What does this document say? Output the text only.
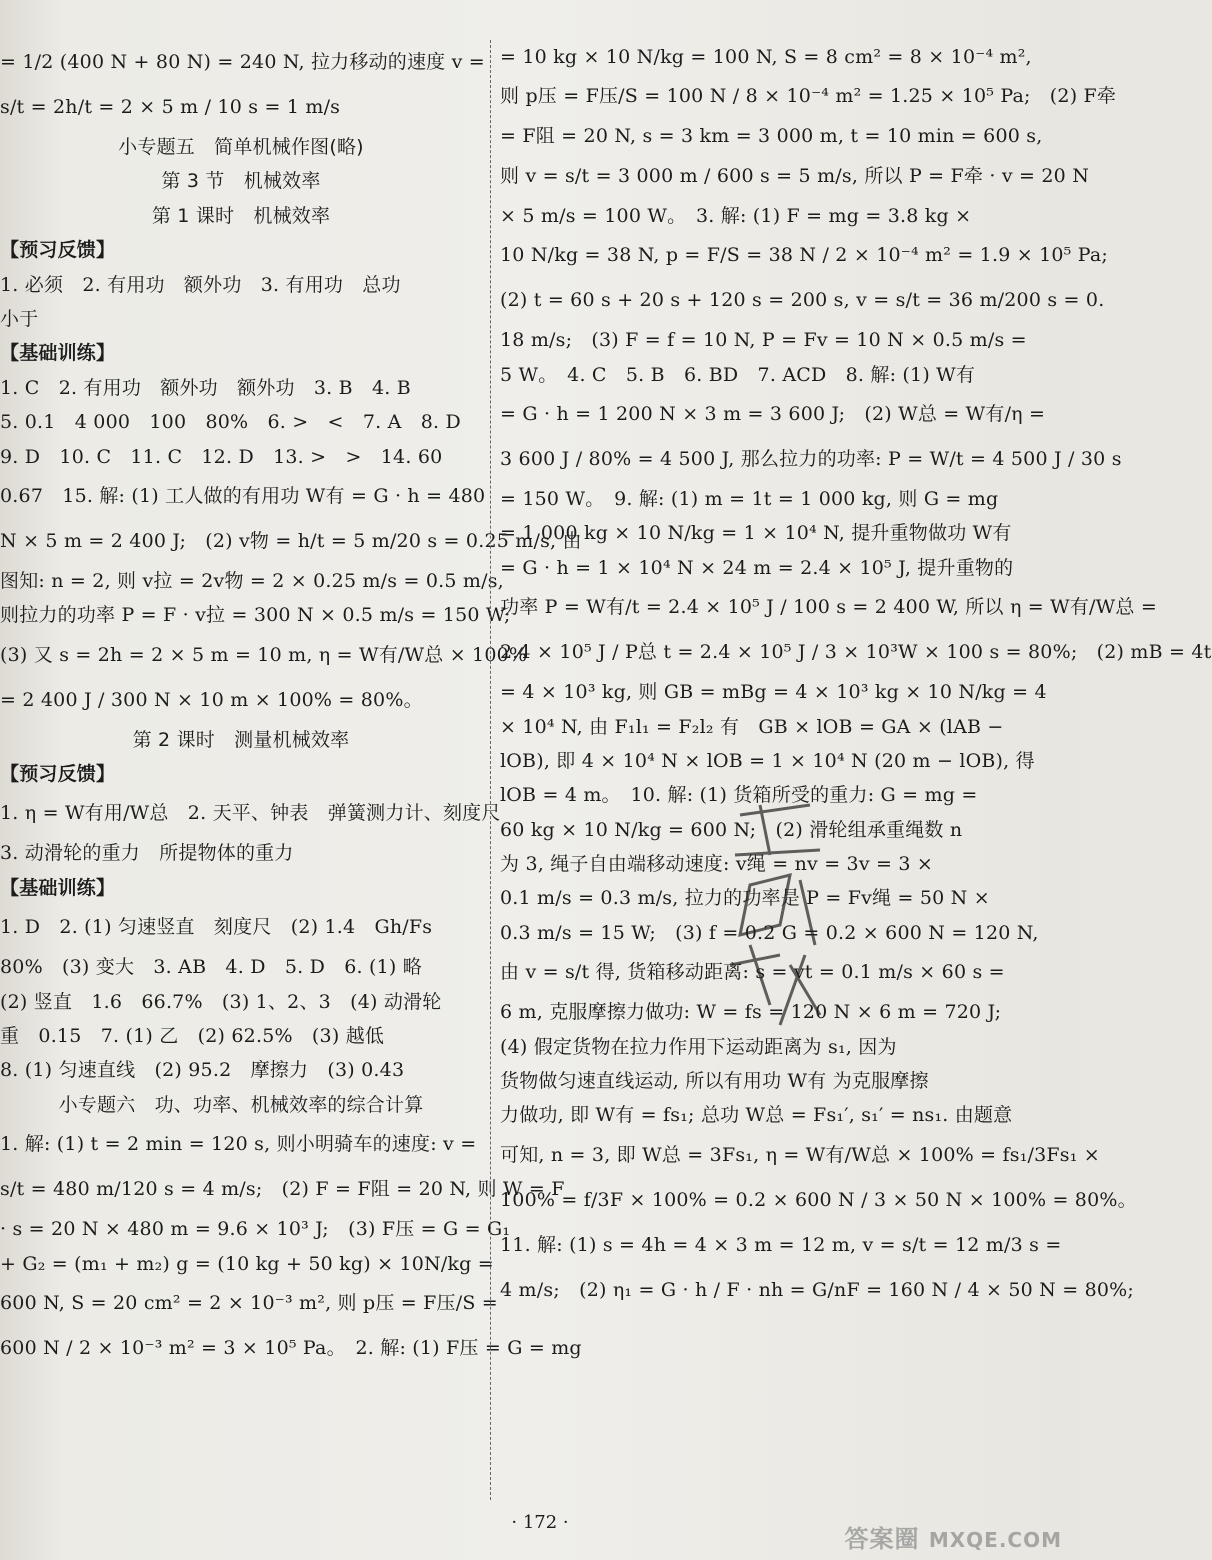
= 1/2 (400 N + 80 N) = 240 N, 拉力移动的速度 v =
s/t = 2h/t = 2 × 5 m / 10 s = 1 m/s
小专题五　简单机械作图(略)
第 3 节　机械效率
第 1 课时　机械效率
【预习反馈】
1. 必须　2. 有用功　额外功　3. 有用功　总功
小于
【基础训练】
1. C　2. 有用功　额外功　额外功　3. B　4. B
5. 0.1　4 000　100　80%　6. >　<　7. A　8. D
9. D　10. C　11. C　12. D　13. >　>　14. 60
0.67　15. 解: (1) 工人做的有用功 W有 = G · h = 480
N × 5 m = 2 400 J;　(2) v物 = h/t = 5 m/20 s = 0.25 m/s, 由
图知: n = 2, 则 v拉 = 2v物 = 2 × 0.25 m/s = 0.5 m/s,
则拉力的功率 P = F · v拉 = 300 N × 0.5 m/s = 150 W;
(3) 又 s = 2h = 2 × 5 m = 10 m, η = W有/W总 × 100%
= 2 400 J / 300 N × 10 m × 100% = 80%。
第 2 课时　测量机械效率
【预习反馈】
1. η = W有用/W总　2. 天平、钟表　弹簧测力计、刻度尺
3. 动滑轮的重力　所提物体的重力
【基础训练】
1. D　2. (1) 匀速竖直　刻度尺　(2) 1.4　Gh/Fs
80%　(3) 变大　3. AB　4. D　5. D　6. (1) 略
(2) 竖直　1.6　66.7%　(3) 1、2、3　(4) 动滑轮
重　0.15　7. (1) 乙　(2) 62.5%　(3) 越低
8. (1) 匀速直线　(2) 95.2　摩擦力　(3) 0.43
小专题六　功、功率、机械效率的综合计算
1. 解: (1) t = 2 min = 120 s, 则小明骑车的速度: v =
s/t = 480 m/120 s = 4 m/s;　(2) F = F阻 = 20 N, 则 W = F
· s = 20 N × 480 m = 9.6 × 10³ J;　(3) F压 = G = G₁
+ G₂ = (m₁ + m₂) g = (10 kg + 50 kg) × 10N/kg =
600 N, S = 20 cm² = 2 × 10⁻³ m², 则 p压 = F压/S =
600 N / 2 × 10⁻³ m² = 3 × 10⁵ Pa。　2. 解: (1) F压 = G = mg
= 10 kg × 10 N/kg = 100 N, S = 8 cm² = 8 × 10⁻⁴ m²,
则 p压 = F压/S = 100 N / 8 × 10⁻⁴ m² = 1.25 × 10⁵ Pa;　(2) F牵
= F阻 = 20 N, s = 3 km = 3 000 m, t = 10 min = 600 s,
则 v = s/t = 3 000 m / 600 s = 5 m/s, 所以 P = F牵 · v = 20 N
× 5 m/s = 100 W。　3. 解: (1) F = mg = 3.8 kg ×
10 N/kg = 38 N, p = F/S = 38 N / 2 × 10⁻⁴ m² = 1.9 × 10⁵ Pa;
(2) t = 60 s + 20 s + 120 s = 200 s, v = s/t = 36 m/200 s = 0.
18 m/s;　(3) F = f = 10 N, P = Fv = 10 N × 0.5 m/s =
5 W。　4. C　5. B　6. BD　7. ACD　8. 解: (1) W有
= G · h = 1 200 N × 3 m = 3 600 J;　(2) W总 = W有/η =
3 600 J / 80% = 4 500 J, 那么拉力的功率: P = W/t = 4 500 J / 30 s
= 150 W。　9. 解: (1) m = 1t = 1 000 kg, 则 G = mg
= 1 000 kg × 10 N/kg = 1 × 10⁴ N, 提升重物做功 W有
= G · h = 1 × 10⁴ N × 24 m = 2.4 × 10⁵ J, 提升重物的
功率 P = W有/t = 2.4 × 10⁵ J / 100 s = 2 400 W, 所以 η = W有/W总 =
2.4 × 10⁵ J / P总 t = 2.4 × 10⁵ J / 3 × 10³W × 100 s = 80%;　(2) mB = 4t
= 4 × 10³ kg, 则 GB = mBg = 4 × 10³ kg × 10 N/kg = 4
× 10⁴ N, 由 F₁l₁ = F₂l₂ 有　GB × lOB = GA × (lAB −
lOB), 即 4 × 10⁴ N × lOB = 1 × 10⁴ N (20 m − lOB), 得
lOB = 4 m。　10. 解: (1) 货箱所受的重力: G = mg =
60 kg × 10 N/kg = 600 N;　(2) 滑轮组承重绳数 n
为 3, 绳子自由端移动速度: v绳 = nv = 3v = 3 ×
0.1 m/s = 0.3 m/s, 拉力的功率是 P = Fv绳 = 50 N ×
0.3 m/s = 15 W;　(3) f = 0.2 G = 0.2 × 600 N = 120 N,
由 v = s/t 得, 货箱移动距离: s = vt = 0.1 m/s × 60 s =
6 m, 克服摩擦力做功: W = fs = 120 N × 6 m = 720 J;
(4) 假定货物在拉力作用下运动距离为 s₁, 因为
货物做匀速直线运动, 所以有用功 W有 为克服摩擦
力做功, 即 W有 = fs₁; 总功 W总 = Fs₁′, s₁′ = ns₁. 由题意
可知, n = 3, 即 W总 = 3Fs₁, η = W有/W总 × 100% = fs₁/3Fs₁ ×
100% = f/3F × 100% = 0.2 × 600 N / 3 × 50 N × 100% = 80%。
11. 解: (1) s = 4h = 4 × 3 m = 12 m, v = s/t = 12 m/3 s =
4 m/s;　(2) η₁ = G · h / F · nh = G/nF = 160 N / 4 × 50 N = 80%;
· 172 ·
答案圈 MXQE.COM
